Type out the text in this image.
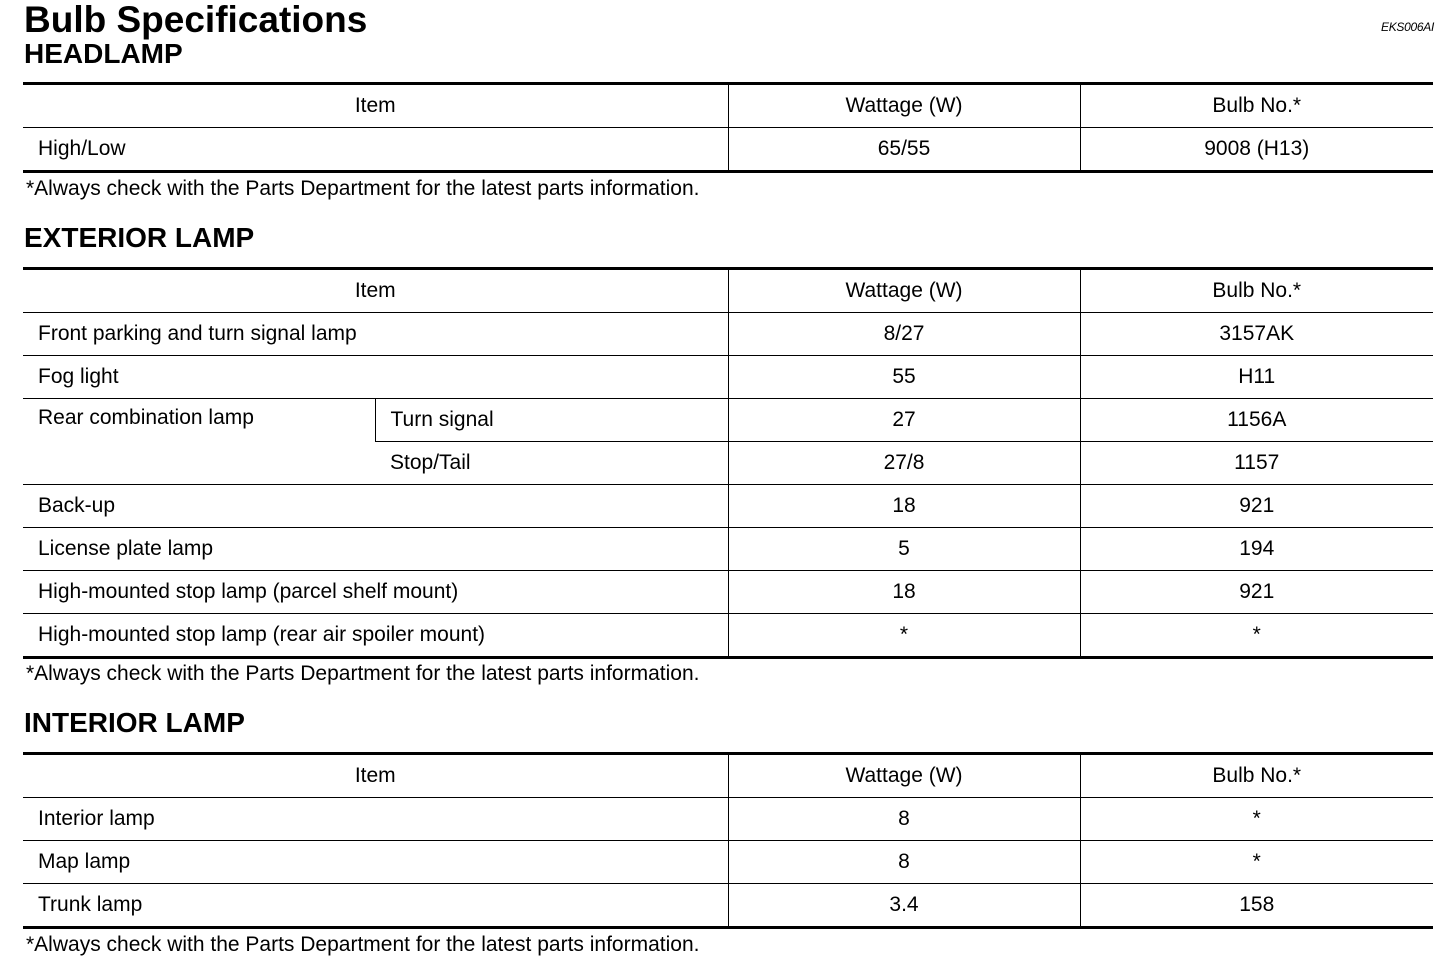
Bulb Specifications	EKS006AI
HEADLAMP
Item	Wattage (W)	Bulb No.*
High/Low	65/55	9008 (H13)
*Always check with the Parts Department for the latest parts information.
EXTERIOR LAMP
Item		Wattage (W)	Bulb No.*
Front parking and turn signal lamp		8/27	3157AK
Fog light		55	H11
Rear combination lamp	Turn signal	27	1156A
	Stop/Tail	27/8	1157
Back-up		18	921
License plate lamp		5	194
High-mounted stop lamp (parcel shelf mount)		18	921
High-mounted stop lamp (rear air spoiler mount)		*	*
*Always check with the Parts Department for the latest parts information.
INTERIOR LAMP
Item	Wattage (W)	Bulb No.*
Interior lamp	8	*
Map lamp	8	*
Trunk lamp	3.4	158
*Always check with the Parts Department for the latest parts information.
